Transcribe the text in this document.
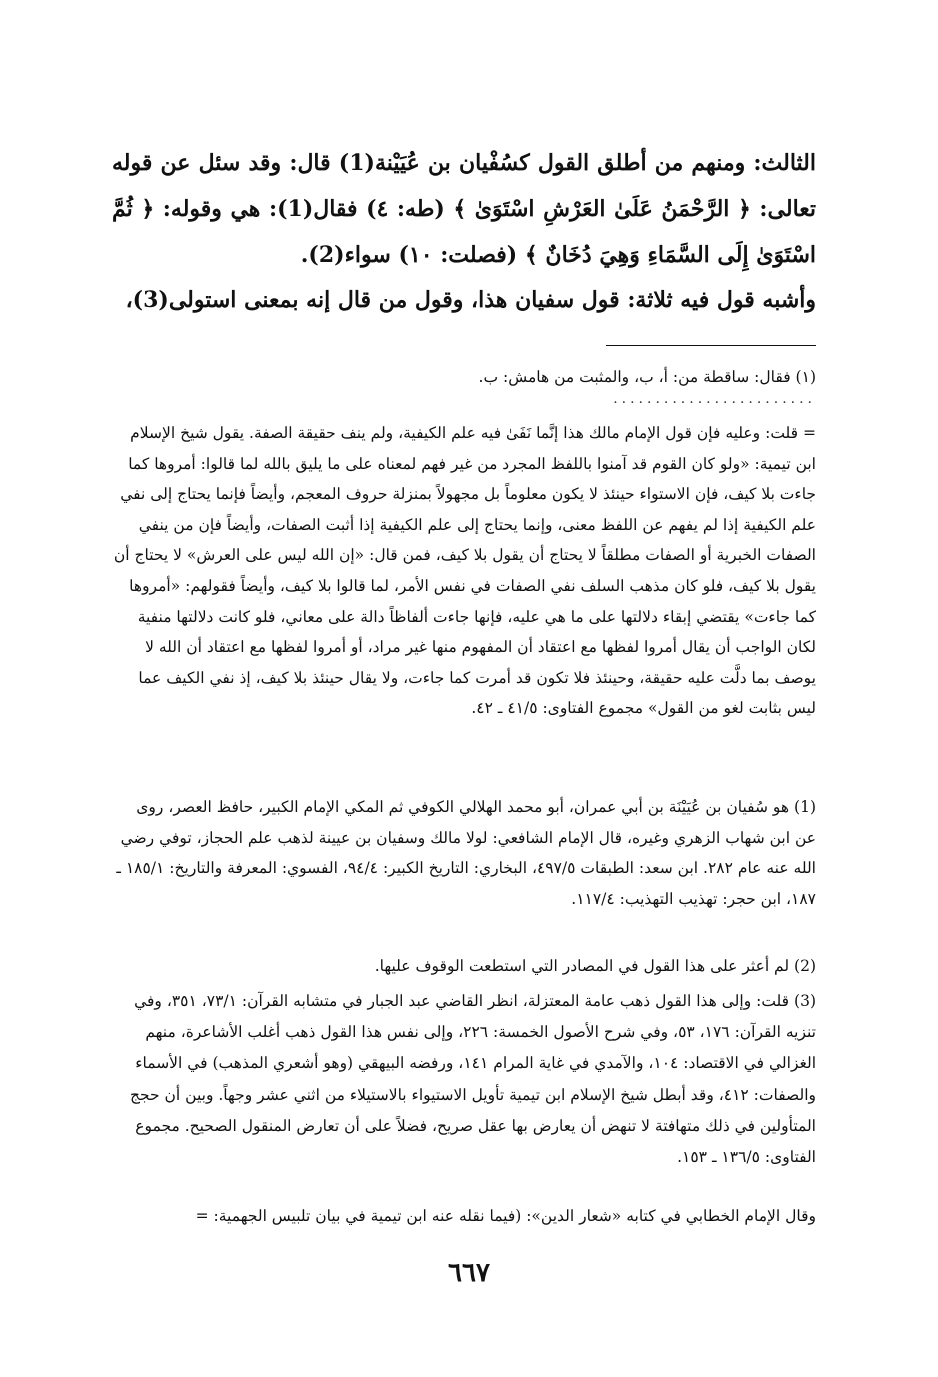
الثالث: ومنهم من أطلق القول كسُفْيان بن عُيَيْنة(1) قال: وقد سئل عن قوله تعالى: ﴿ الرَّحْمَنُ عَلَىٰ العَرْشِ اسْتَوَىٰ ﴾ (طه: ٤) فقال(1): هي وقوله: ﴿ ثُمَّ اسْتَوَىٰ إِلَى السَّمَاءِ وَهِيَ دُخَانٌ ﴾ (فصلت: ١٠) سواء(2).

وأشبه قول فيه ثلاثة: قول سفيان هذا، وقول من قال إنه بمعنى استولى(3)،

(١) فقال: ساقطة من: أ، ب، والمثبت من هامش: ب.

........................

= قلت: وعليه فإن قول الإمام مالك هذا إنَّما نَفَىٰ فيه علم الكيفية، ولم ينف حقيقة الصفة. يقول شيخ الإسلام ابن تيمية: «ولو كان القوم قد آمنوا باللفظ المجرد من غير فهم لمعناه على ما يليق بالله لما قالوا: أمروها كما جاءت بلا كيف، فإن الاستواء حينئذ لا يكون معلوماً بل مجهولاً بمنزلة حروف المعجم، وأيضاً فإنما يحتاج إلى نفي علم الكيفية إذا لم يفهم عن اللفظ معنى، وإنما يحتاج إلى علم الكيفية إذا أثبت الصفات، وأيضاً فإن من ينفي الصفات الخبرية أو الصفات مطلقاً لا يحتاج أن يقول بلا كيف، فمن قال: «إن الله ليس على العرش» لا يحتاج أن يقول بلا كيف، فلو كان مذهب السلف نفي الصفات في نفس الأمر، لما قالوا بلا كيف، وأيضاً فقولهم: «أمروها كما جاءت» يقتضي إبقاء دلالتها على ما هي عليه، فإنها جاءت ألفاظاً دالة على معاني، فلو كانت دلالتها منفية لكان الواجب أن يقال أمروا لفظها مع اعتقاد أن المفهوم منها غير مراد، أو أمروا لفظها مع اعتقاد أن الله لا يوصف بما دلَّت عليه حقيقة، وحينئذ فلا تكون قد أمرت كما جاءت، ولا يقال حينئذ بلا كيف، إذ نفي الكيف عما ليس بثابت لغو من القول» مجموع الفتاوى: ٤١/٥ ـ ٤٢.

(1) هو سُفيان بن عُيَيْنَة بن أبي عمران، أبو محمد الهلالي الكوفي ثم المكي الإمام الكبير، حافظ العصر، روى عن ابن شهاب الزهري وغيره، قال الإمام الشافعي: لولا مالك وسفيان بن عيينة لذهب علم الحجاز، توفي رضي الله عنه عام ٢٨٢. ابن سعد: الطبقات ٤٩٧/٥، البخاري: التاريخ الكبير: ٩٤/٤، الفسوي: المعرفة والتاريخ: ١٨٥/١ ـ ١٨٧، ابن حجر: تهذيب التهذيب: ١١٧/٤.

(2) لم أعثر على هذا القول في المصادر التي استطعت الوقوف عليها.

(3) قلت: وإلى هذا القول ذهب عامة المعتزلة، انظر القاضي عبد الجبار في متشابه القرآن: ٧٣/١، ٣٥١، وفي تنزيه القرآن: ١٧٦، ٥٣، وفي شرح الأصول الخمسة: ٢٢٦، وإلى نفس هذا القول ذهب أغلب الأشاعرة، منهم الغزالي في الاقتصاد: ١٠٤، والآمدي في غاية المرام ١٤١، ورفضه البيهقي (وهو أشعري المذهب) في الأسماء والصفات: ٤١٢، وقد أبطل شيخ الإسلام ابن تيمية تأويل الاستيواء بالاستيلاء من اثني عشر وجهاً. وبين أن حجج المتأولين في ذلك متهافتة لا تنهض أن يعارض بها عقل صريح، فضلاً على أن تعارض المنقول الصحيح. مجموع الفتاوى: ١٣٦/٥ ـ ١٥٣.

وقال الإمام الخطابي في كتابه «شعار الدين»: (فيما نقله عنه ابن تيمية في بيان تلبيس الجهمية: =

٦٦٧
